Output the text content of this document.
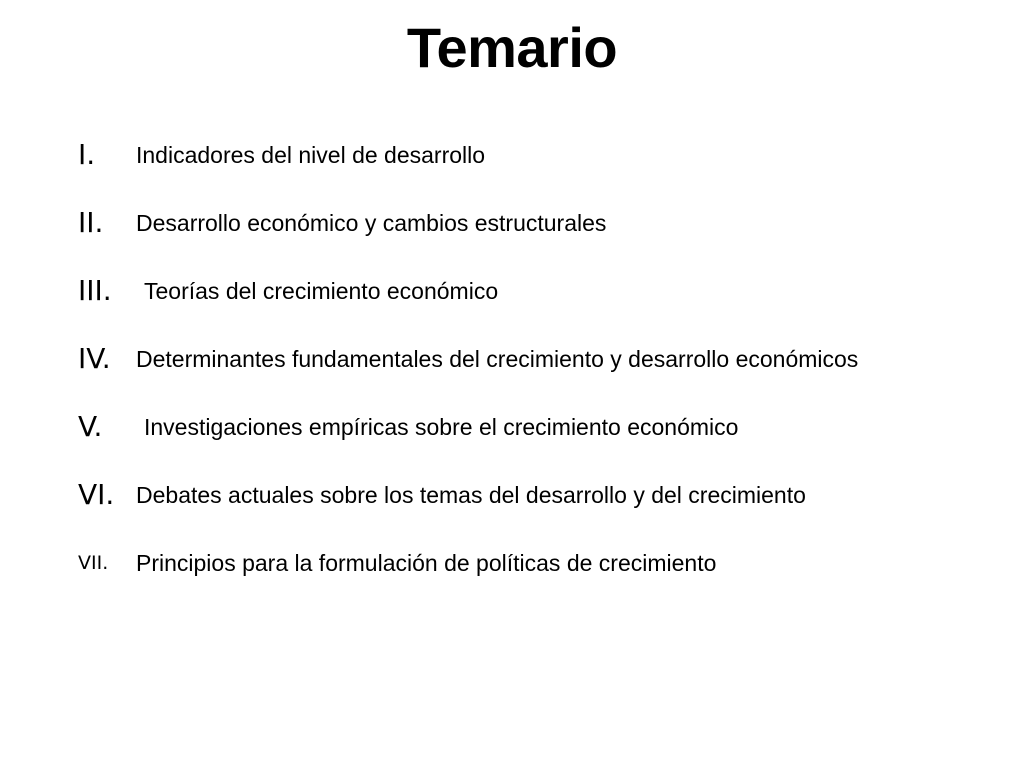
Temario
I. Indicadores del nivel de desarrollo
II. Desarrollo económico y cambios estructurales
III.	Teorías del crecimiento económico
IV. Determinantes fundamentales del crecimiento y desarrollo económicos
V.	Investigaciones empíricas sobre el crecimiento económico
VI. Debates actuales sobre los temas del desarrollo y del crecimiento
VII. Principios para la formulación de políticas de crecimiento
